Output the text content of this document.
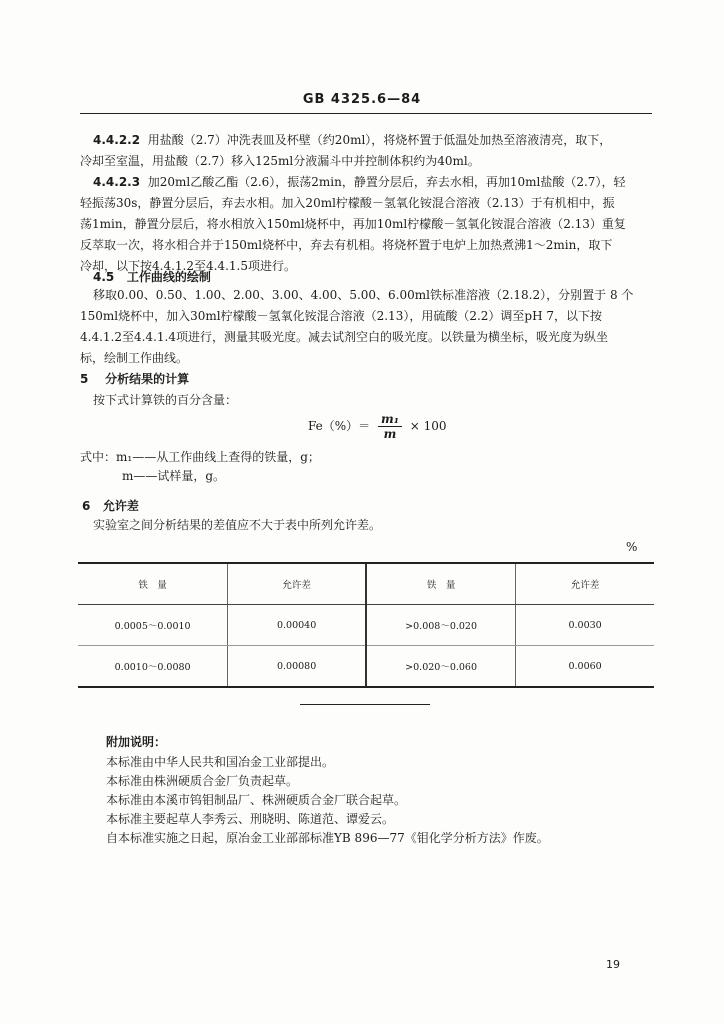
GB 4325.6—84
4.4.2.2 用盐酸（2.7）冲洗表皿及杯壁（约20ml），将烧杯置于低温处加热至溶液清亮，取下，
冷却至室温，用盐酸（2.7）移入125ml分液漏斗中并控制体积约为40ml。
4.4.2.3 加20ml乙酸乙酯（2.6），振荡2min，静置分层后，弃去水相，再加10ml盐酸（2.7），轻
轻振荡30s，静置分层后，弃去水相。加入20ml柠檬酸－氢氧化铵混合溶液（2.13）于有机相中，振
荡1min，静置分层后，将水相放入150ml烧杯中，再加10ml柠檬酸－氢氧化铵混合溶液（2.13）重复
反萃取一次，将水相合并于150ml烧杯中，弃去有机相。将烧杯置于电炉上加热煮沸1～2min，取下
冷却，以下按4.4.1.2至4.4.1.5项进行。
4.5 工作曲线的绘制
移取0.00、0.50、1.00、2.00、3.00、4.00、5.00、6.00ml铁标准溶液（2.18.2），分别置于 8 个
150ml烧杯中，加入30ml柠檬酸－氢氧化铵混合溶液（2.13），用硫酸（2.2）调至pH 7，以下按
4.4.1.2至4.4.1.4项进行，测量其吸光度。减去试剂空白的吸光度。以铁量为横坐标，吸光度为纵坐
标，绘制工作曲线。
5 分析结果的计算
按下式计算铁的百分含量：
$Fe(\%)= \frac{\text{m₁}}{m} \times 100$
式中：m₁——从工作曲线上查得的铁量，g；
m——试样量，g。
6 允许差
实验室之间分析结果的差值应不大于表中所列允许差。
%
铁　量	允许差	铁　量	允许差
0.0005～0.0010	0.00040	>0.008～0.020	0.0030
0.0010～0.0080	0.00080	>0.020～0.060	0.0060
附加说明：
本标准由中华人民共和国冶金工业部提出。
本标准由株洲硬质合金厂负责起草。
本标准由本溪市钨钼制品厂、株洲硬质合金厂联合起草。
本标准主要起草人李秀云、刑晓明、陈道范、谭爱云。
自本标准实施之日起，原冶金工业部部标准YB 896—77《钼化学分析方法》作废。
19
